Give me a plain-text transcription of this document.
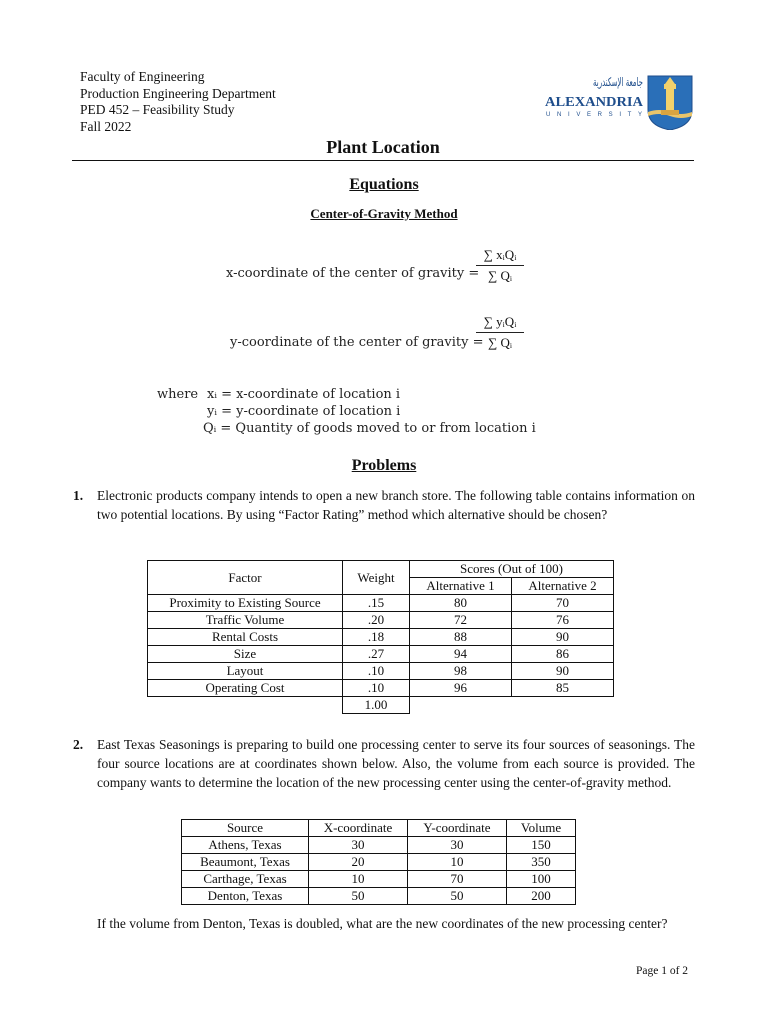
Faculty of Engineering
Production Engineering Department
PED 452 – Feasibility Study
Fall 2022
جامعة الإسكندرية
ALEXANDRIA
UNIVERSITY
Plant Location
Equations
Center-of-Gravity Method
x-coordinate of the center of gravity =
∑ xᵢQᵢ
∑ Qᵢ
y-coordinate of the center of gravity =
∑ yᵢQᵢ
∑ Qᵢ
where xᵢ = x-coordinate of location i
yᵢ = y-coordinate of location i
Qᵢ = Quantity of goods moved to or from location i
Problems
1. Electronic products company intends to open a new branch store. The following table contains information on two potential locations. By using “Factor Rating” method which alternative should be chosen?
Factor	Weight	Scores (Out of 100)	
		Alternative 1	Alternative 2
Proximity to Existing Source	.15	80	70
Traffic Volume	.20	72	76
Rental Costs	.18	88	90
Size	.27	94	86
Layout	.10	98	90
Operating Cost	.10	96	85
	1.00		
2. East Texas Seasonings is preparing to build one processing center to serve its four sources of seasonings. The four source locations are at coordinates shown below. Also, the volume from each source is provided. The company wants to determine the location of the new processing center using the center-of-gravity method.
Source	X-coordinate	Y-coordinate	Volume
Athens, Texas	30	30	150
Beaumont, Texas	20	10	350
Carthage, Texas	10	70	100
Denton, Texas	50	50	200
If the volume from Denton, Texas is doubled, what are the new coordinates of the new processing center?
Page 1 of 2
